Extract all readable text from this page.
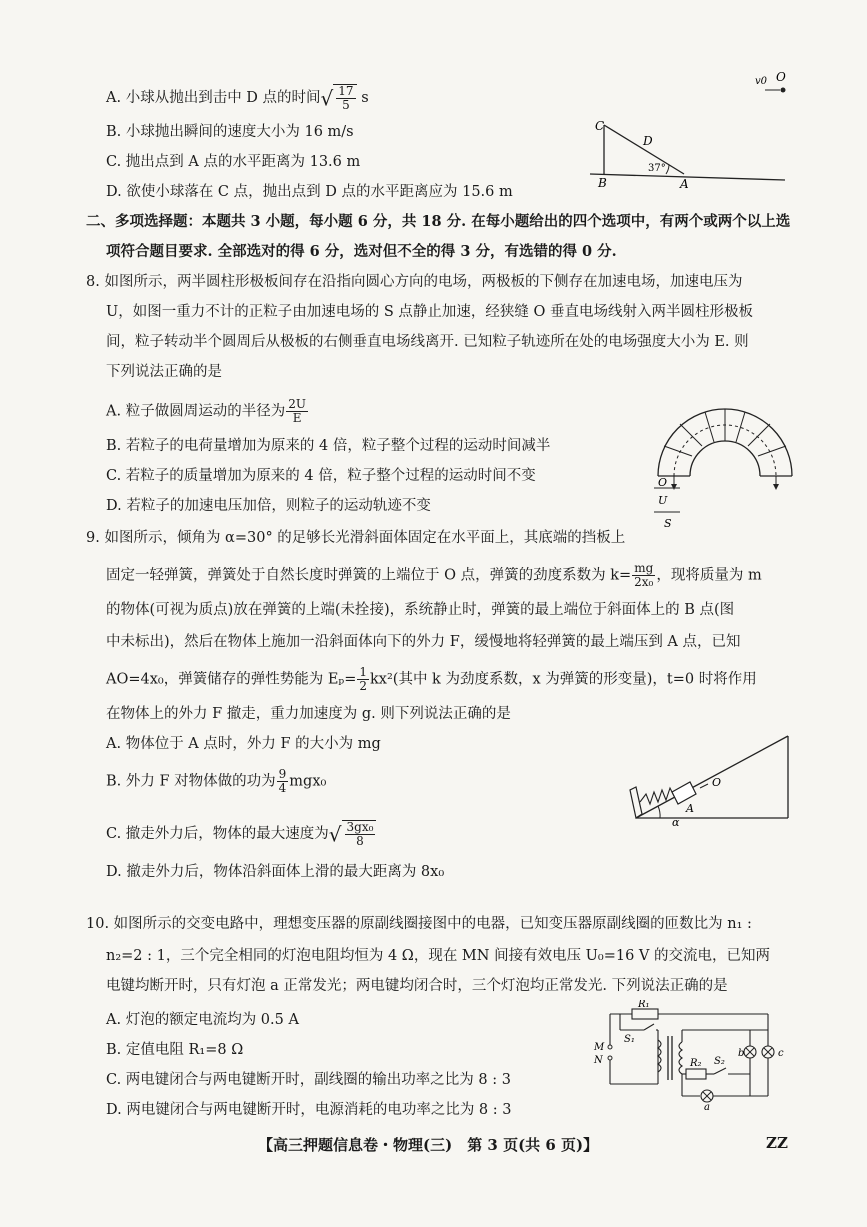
A. 小球从抛出到击中 D 点的时间√ $\frac{17}{5}$ s
B. 小球抛出瞬间的速度大小为 16 m/s
C. 抛出点到 A 点的水平距离为 13.6 m
D. 欲使小球落在 C 点，抛出点到 D 点的水平距离应为 15.6 m
C
D
B	A
37°
v0 O
二、多项选择题：本题共 3 小题，每小题 6 分，共 18 分. 在每小题给出的四个选项中，有两个或两个以上选
项符合题目要求. 全部选对的得 6 分，选对但不全的得 3 分，有选错的得 0 分.
8. 如图所示，两半圆柱形极板间存在沿指向圆心方向的电场，两极板的下侧存在加速电场，加速电压为
U，如图一重力不计的正粒子由加速电场的 S 点静止加速，经狭缝 O 垂直电场线射入两半圆柱形极板
间，粒子转动半个圆周后从极板的右侧垂直电场线离开. 已知粒子轨迹所在处的电场强度大小为 E. 则
下列说法正确的是
A. 粒子做圆周运动的半径为 $\frac{2U}{E}$
B. 若粒子的电荷量增加为原来的 4 倍，粒子整个过程的运动时间减半
C. 若粒子的质量增加为原来的 4 倍，粒子整个过程的运动时间不变
D. 若粒子的加速电压加倍，则粒子的运动轨迹不变
O
U
S
9. 如图所示，倾角为 α=30° 的足够长光滑斜面体固定在水平面上，其底端的挡板上
固定一轻弹簧，弹簧处于自然长度时弹簧的上端位于 O 点，弹簧的劲度系数为 $k= \frac{mg}{\text{2x₀}}$ ，现将质量为 m
的物体(可视为质点)放在弹簧的上端(未拴接)，系统静止时，弹簧的最上端位于斜面体上的 B 点(图
中未标出)，然后在物体上施加一沿斜面体向下的外力 F，缓慢地将轻弹簧的最上端压到 A 点，已知
AO=4x₀，弹簧储存的弹性势能为 $E_p= \frac{1}{2} kx^2$(其中 k 为劲度系数，x 为弹簧的形变量)，t=0 时将作用
在物体上的外力 F 撤走，重力加速度为 g. 则下列说法正确的是
A. 物体位于 A 点时，外力 F 的大小为 mg
B. 外力 F 对物体做的功为 $\frac{9}{4} mgx_0$
C. 撤走外力后，物体的最大速度为√ $\frac{\text{3gx₀}}{8}$
D. 撤走外力后，物体沿斜面体上滑的最大距离为 8x₀
α
A
O
10. 如图所示的交变电路中，理想变压器的原副线圈接图中的电器，已知变压器原副线圈的匝数比为 n₁ :
n₂=2 : 1，三个完全相同的灯泡电阻均恒为 4 Ω，现在 MN 间接有效电压 U₀=16 V 的交流电，已知两
电键均断开时，只有灯泡 a 正常发光；两电键均闭合时，三个灯泡均正常发光. 下列说法正确的是
A. 灯泡的额定电流均为 0.5 A
B. 定值电阻 R₁=8 Ω
C. 两电键闭合与两电键断开时，副线圈的输出功率之比为 8 : 3
D. 两电键闭合与两电键断开时，电源消耗的电功率之比为 8 : 3
R₁
S₁
R₂ S₂
M
N
a
b	c
【高三押题信息卷・物理(三)　第 3 页(共 6 页)】	ZZ
